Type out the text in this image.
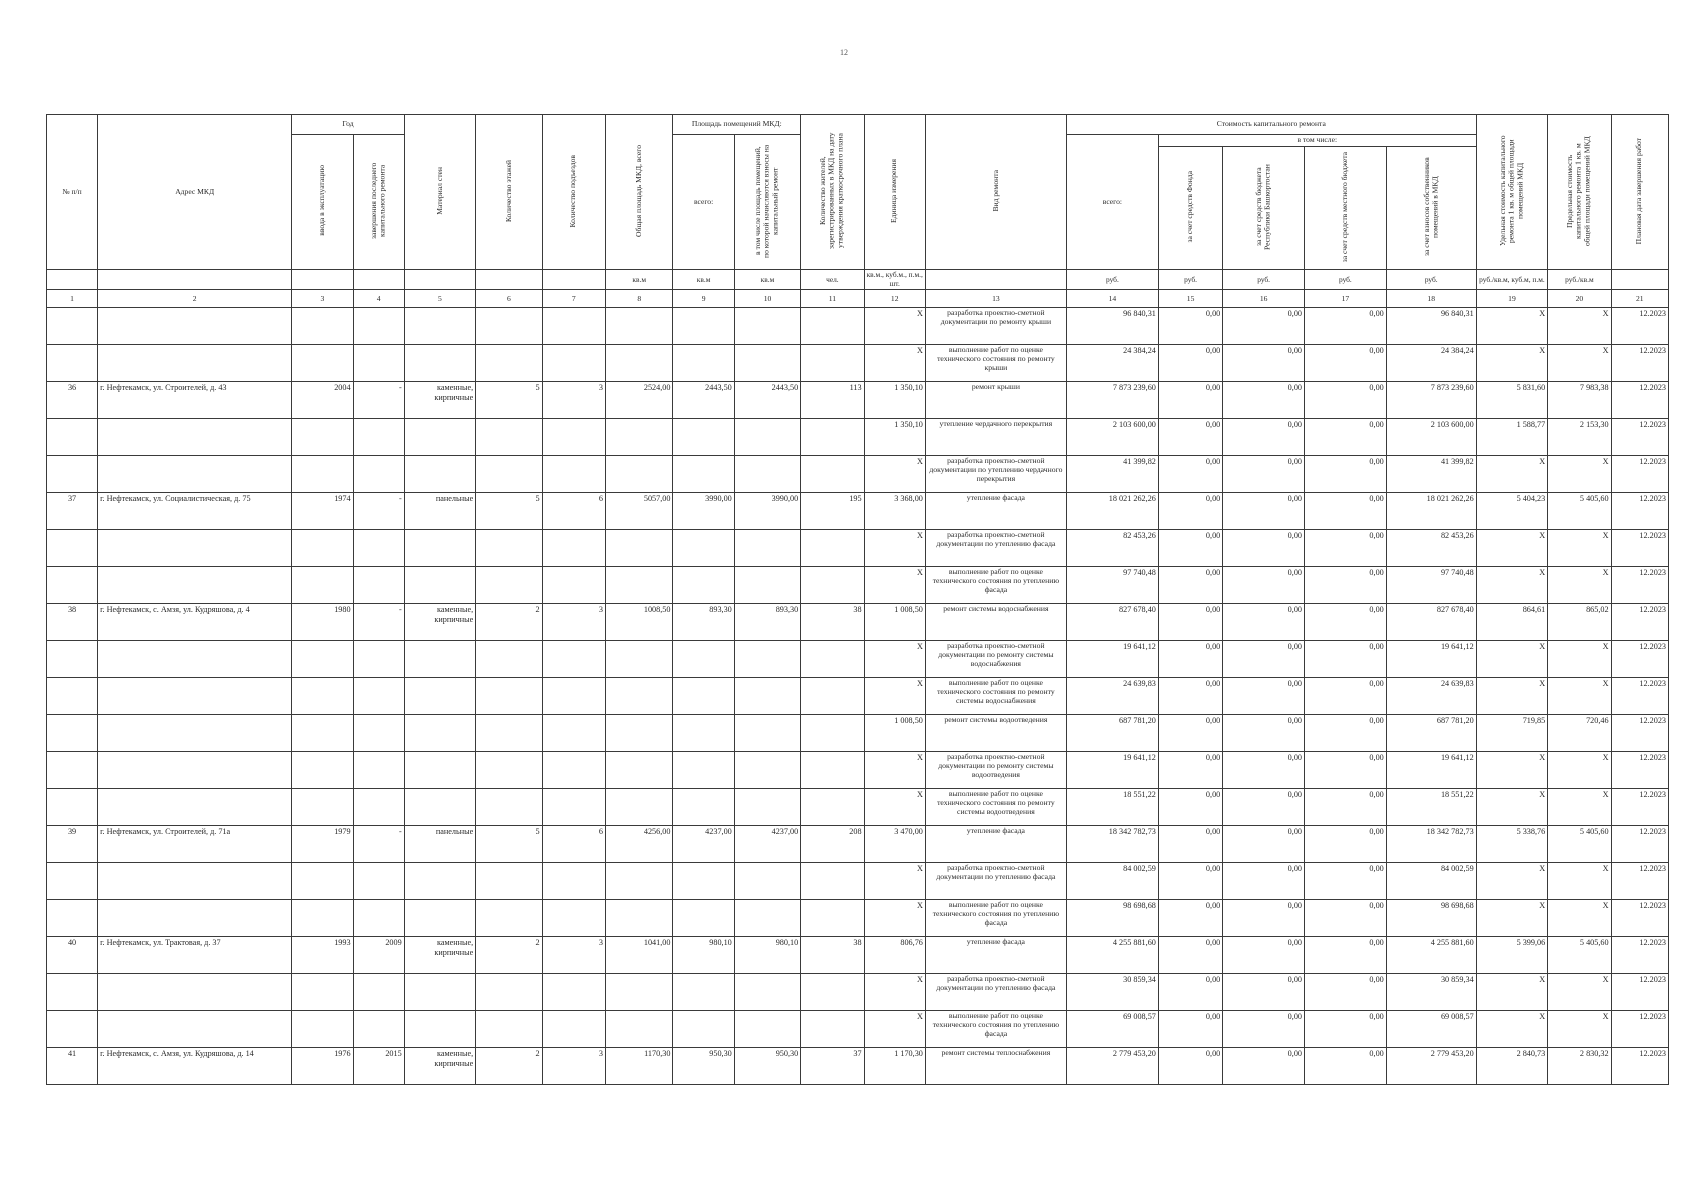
12
№ п/п	Адрес МКД	Год		Материал стен	Количество этажей	Количество подъездов	Общая площадь МКД, всего	Площадь помещений МКД:		Количество жителей, зарегистрированных в МКД на дату утверждения краткосрочного плана	Единица измерения	Вид ремонта	Стоимость капитального ремонта					Удельная стоимость капитального ремонта 1 кв. м общей площади помещений МКД	Предельная стоимость капитального ремонта 1 кв. м общей площади помещений МКД	Плановая дата завершения работ
		ввода в эксплуатацию	завершения последнего капитального ремонта					всего:	в том числе площадь помещений, по которой начисляются взносы на капитальный ремонт				всего:	в том числе:						
														за счет средств Фонда	за счет средств бюджета Республики Башкортостан	за счет средств местного бюджета	за счет взносов собственников помещений в МКД			
							кв.м	кв.м	кв.м	чел.	кв.м., куб.м., п.м., шт.		руб.	руб.	руб.	руб.	руб.	руб./кв.м, куб.м, п.м.	руб./кв.м	
1	2	3	4	5	6	7	8	9	10	11	12	13	14	15	16	17	18	19	20	21
											X	разработка проектно-сметной документации по ремонту крыши	96 840,31	0,00	0,00	0,00	96 840,31	X	X	12.2023
											X	выполнение работ по оценке технического состояния по ремонту крыши	24 384,24	0,00	0,00	0,00	24 384,24	X	X	12.2023
36	г. Нефтекамск, ул. Строителей, д. 43	2004	-	каменные, кирпичные	5	3	2524,00	2443,50	2443,50	113	1 350,10	ремонт крыши	7 873 239,60	0,00	0,00	0,00	7 873 239,60	5 831,60	7 983,38	12.2023
											1 350,10	утепление чердачного перекрытия	2 103 600,00	0,00	0,00	0,00	2 103 600,00	1 588,77	2 153,30	12.2023
											X	разработка проектно-сметной документации по утеплению чердачного перекрытия	41 399,82	0,00	0,00	0,00	41 399,82	X	X	12.2023
37	г. Нефтекамск, ул. Социалистическая, д. 75	1974	-	панельные	5	6	5057,00	3990,00	3990,00	195	3 368,00	утепление фасада	18 021 262,26	0,00	0,00	0,00	18 021 262,26	5 404,23	5 405,60	12.2023
											X	разработка проектно-сметной документации по утеплению фасада	82 453,26	0,00	0,00	0,00	82 453,26	X	X	12.2023
											X	выполнение работ по оценке технического состояния по утеплению фасада	97 740,48	0,00	0,00	0,00	97 740,48	X	X	12.2023
38	г. Нефтекамск, с. Амзя, ул. Кудряшова, д. 4	1980	-	каменные, кирпичные	2	3	1008,50	893,30	893,30	38	1 008,50	ремонт системы водоснабжения	827 678,40	0,00	0,00	0,00	827 678,40	864,61	865,02	12.2023
											X	разработка проектно-сметной документации по ремонту системы водоснабжения	19 641,12	0,00	0,00	0,00	19 641,12	X	X	12.2023
											X	выполнение работ по оценке технического состояния по ремонту системы водоснабжения	24 639,83	0,00	0,00	0,00	24 639,83	X	X	12.2023
											1 008,50	ремонт системы водоотведения	687 781,20	0,00	0,00	0,00	687 781,20	719,85	720,46	12.2023
											X	разработка проектно-сметной документации по ремонту системы водоотведения	19 641,12	0,00	0,00	0,00	19 641,12	X	X	12.2023
											X	выполнение работ по оценке технического состояния по ремонту системы водоотведения	18 551,22	0,00	0,00	0,00	18 551,22	X	X	12.2023
39	г. Нефтекамск, ул. Строителей, д. 71а	1979	-	панельные	5	6	4256,00	4237,00	4237,00	208	3 470,00	утепление фасада	18 342 782,73	0,00	0,00	0,00	18 342 782,73	5 338,76	5 405,60	12.2023
											X	разработка проектно-сметной документации по утеплению фасада	84 002,59	0,00	0,00	0,00	84 002,59	X	X	12.2023
											X	выполнение работ по оценке технического состояния по утеплению фасада	98 698,68	0,00	0,00	0,00	98 698,68	X	X	12.2023
40	г. Нефтекамск, ул. Трактовая, д. 37	1993	2009	каменные, кирпичные	2	3	1041,00	980,10	980,10	38	806,76	утепление фасада	4 255 881,60	0,00	0,00	0,00	4 255 881,60	5 399,06	5 405,60	12.2023
											X	разработка проектно-сметной документации по утеплению фасада	30 859,34	0,00	0,00	0,00	30 859,34	X	X	12.2023
											X	выполнение работ по оценке технического состояния по утеплению фасада	69 008,57	0,00	0,00	0,00	69 008,57	X	X	12.2023
41	г. Нефтекамск, с. Амзя, ул. Кудряшова, д. 14	1976	2015	каменные, кирпичные	2	3	1170,30	950,30	950,30	37	1 170,30	ремонт системы теплоснабжения	2 779 453,20	0,00	0,00	0,00	2 779 453,20	2 840,73	2 830,32	12.2023
